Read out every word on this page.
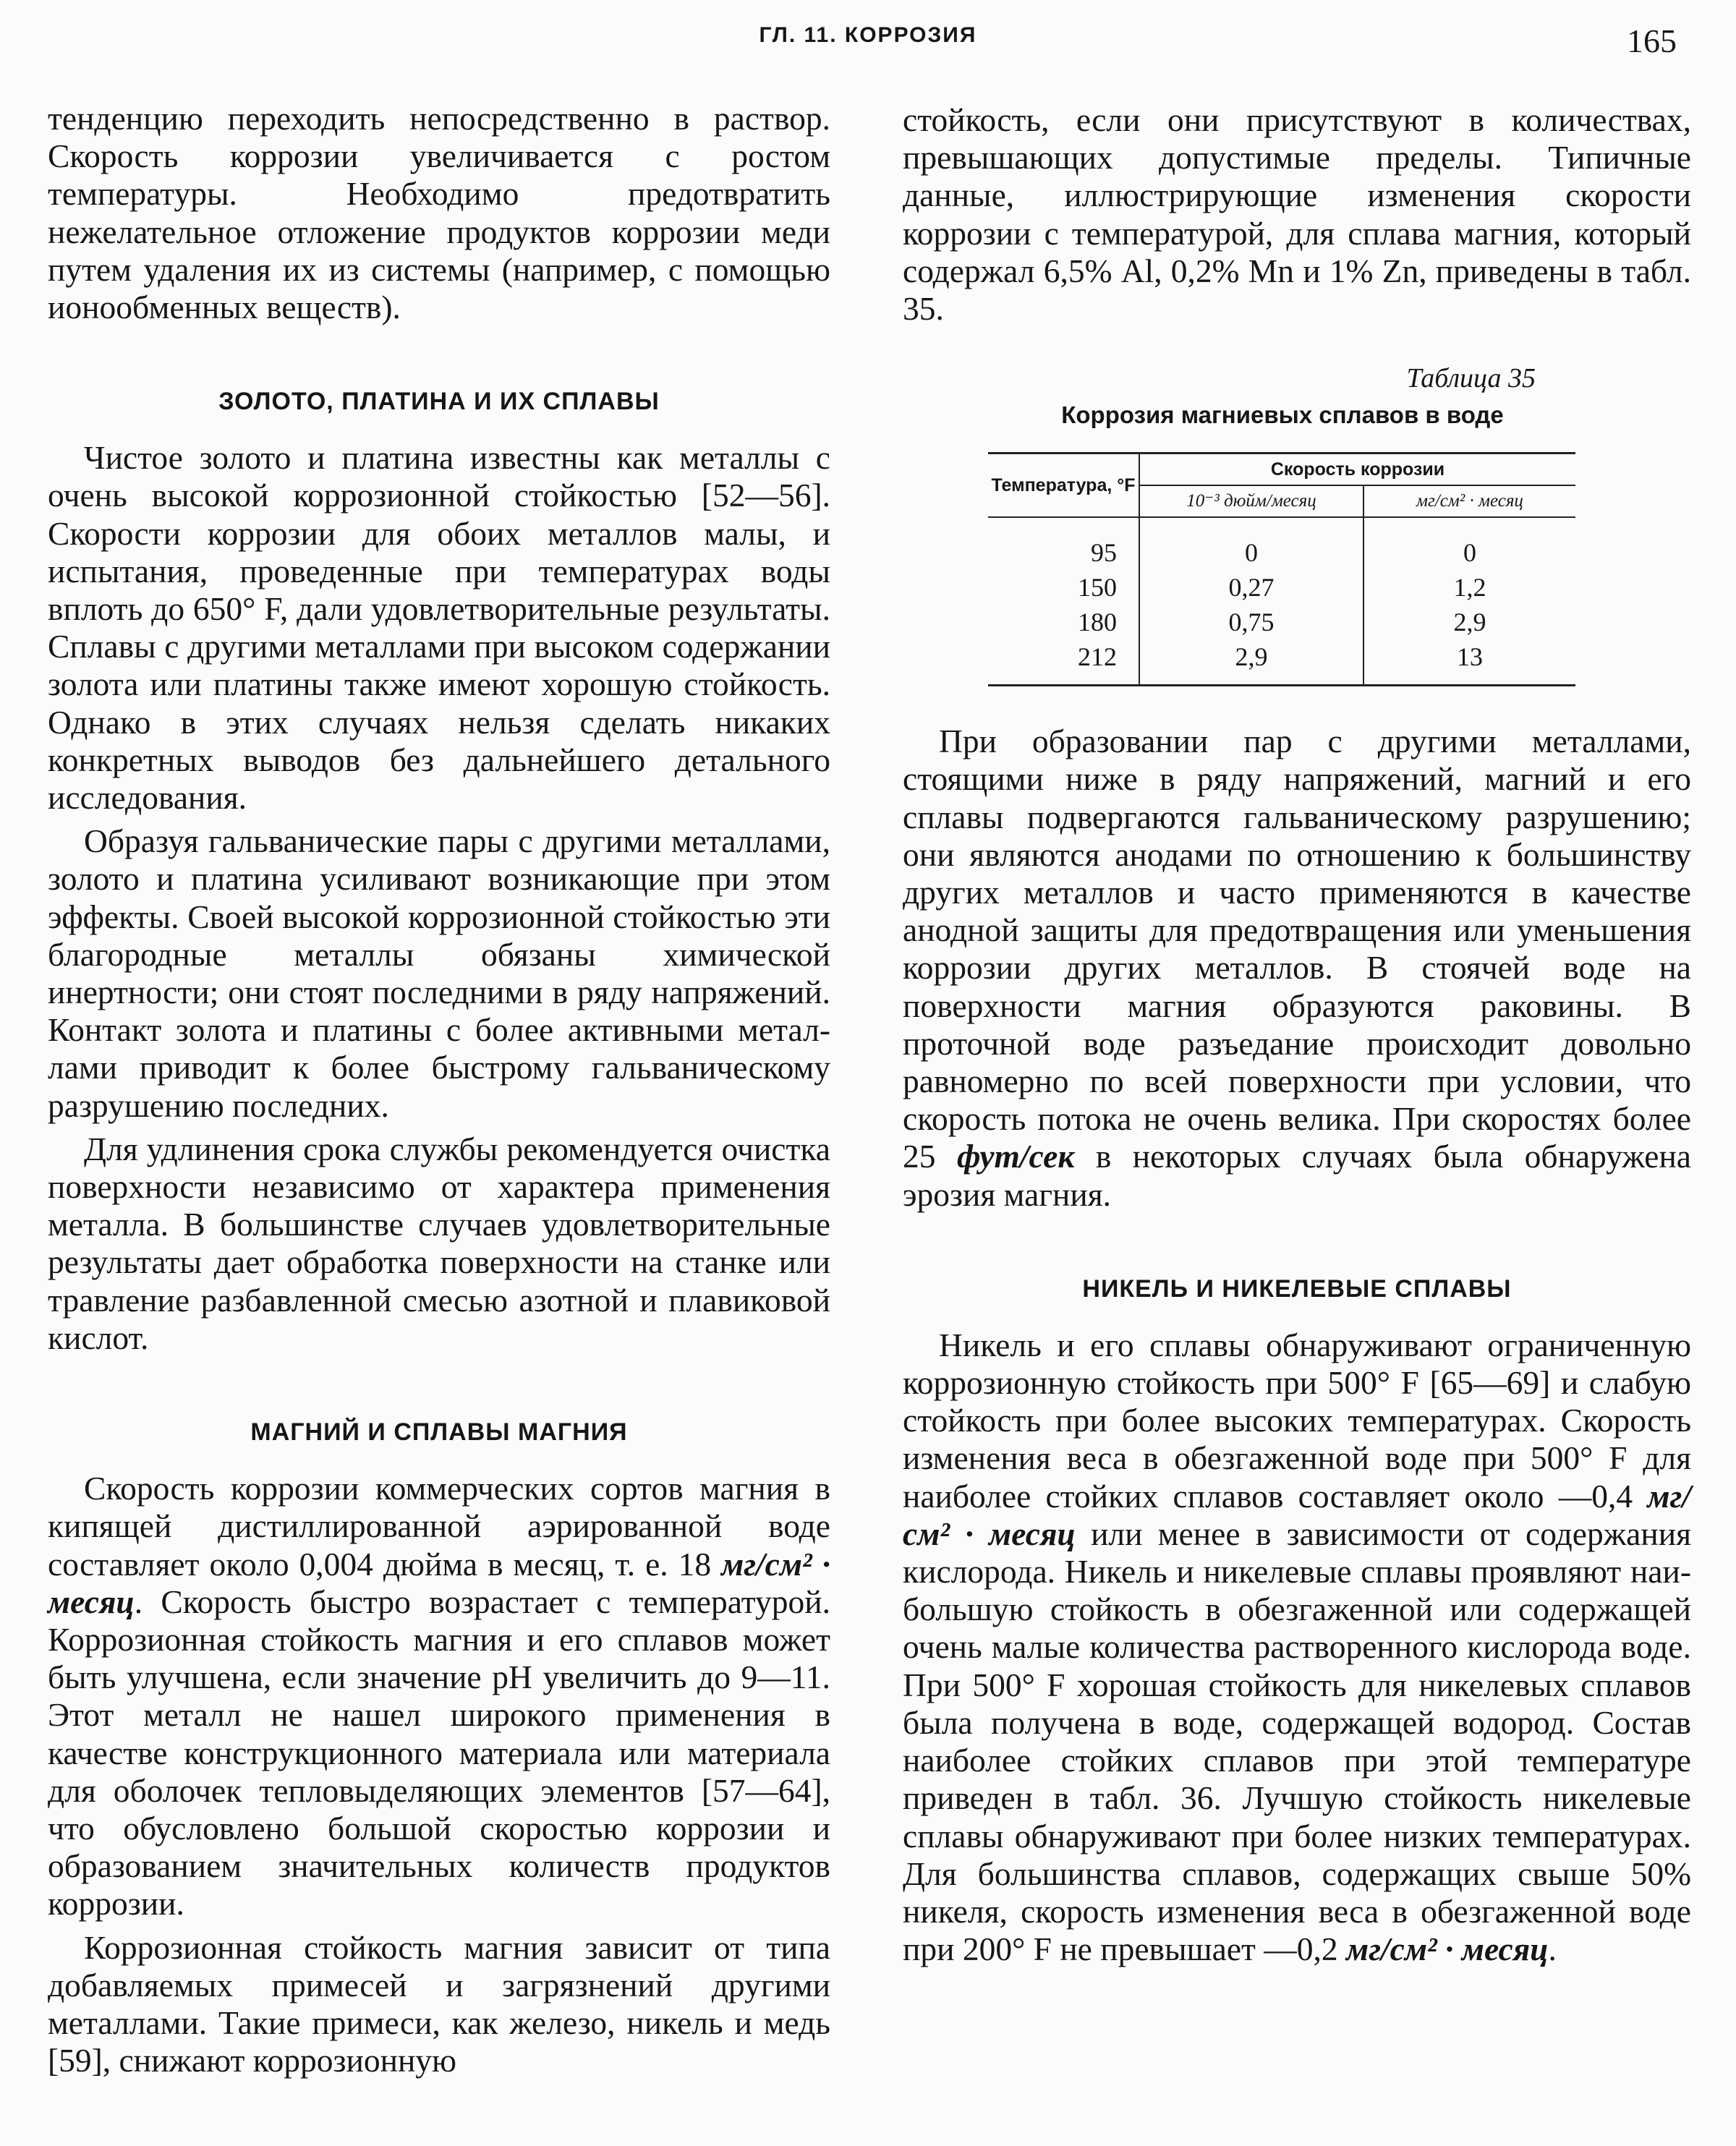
ГЛ. 11. КОРРОЗИЯ	165

тенденцию переходить непосредственно в раствор. Скорость коррозии увеличивается с ростом температуры. Необходимо предотвратить нежелательное отложение продуктов коррозии меди путем удаления их из системы (например, с помощью ионообменных веществ).

ЗОЛОТО, ПЛАТИНА И ИХ СПЛАВЫ

Чистое золото и платина известны как металлы с очень высокой коррозионной стойкостью [52—56]. Скорости коррозии для обоих металлов малы, и испытания, проведенные при температурах воды вплоть до 650° F, дали удовлетворительные результаты. Сплавы с другими металлами при высоком содержании золота или платины также имеют хорошую стойкость. Однако в этих случаях нельзя сделать никаких конкретных выводов без дальнейшего детального исследования.

Образуя гальванические пары с другими металлами, золото и платина усиливают возникающие при этом эффекты. Своей высокой коррозионной стойкостью эти благородные металлы обязаны химической инертности; они стоят последними в ряду напряжений. Контакт золота и платины с более активными металлами приводит к более быстрому гальваническому разрушению последних.

Для удлинения срока службы рекомендуется очистка поверхности независимо от характера применения металла. В большинстве случаев удовлетворительные результаты дает обработка поверхности на станке или травление разбавленной смесью азотной и плавиковой кислот.

МАГНИЙ И СПЛАВЫ МАГНИЯ

Скорость коррозии коммерческих сортов магния в кипящей дистиллированной аэрированной воде составляет около 0,004 дюйма в месяц, т. е. 18 мг/см² · месяц. Скорость быстро возрастает с температурой. Коррозионная стойкость магния и его сплавов может быть улучшена, если значение pH увеличить до 9—11. Этот металл не нашел широкого применения в качестве конструкционного материала или материала для оболочек тепловыделяющих элементов [57—64], что обусловлено большой скоростью коррозии и образованием значительных количеств продуктов коррозии.

Коррозионная стойкость магния зависит от типа добавляемых примесей и загрязнений другими металлами. Такие примеси, как железо, никель и медь [59], снижают коррозионную

стойкость, если они присутствуют в количествах, превышающих допустимые пределы. Типичные данные, иллюстрирующие изменения скорости коррозии с температурой, для сплава магния, который содержал 6,5% Al, 0,2% Mn и 1% Zn, приведены в табл. 35.

Таблица 35
Коррозия магниевых сплавов в воде
Температура, °F	Скорость коррозии	
	10⁻³ дюйм/месяц	мг/см² · месяц
95	0	0
150	0,27	1,2
180	0,75	2,9
212	2,9	13

При образовании пар с другими металлами, стоящими ниже в ряду напряжений, магний и его сплавы подвергаются гальваническому разрушению; они являются анодами по отношению к большинству других металлов и часто применяются в качестве анодной защиты для предотвращения или уменьшения коррозии других металлов. В стоячей воде на поверхности магния образуются раковины. В проточной воде разъедание происходит довольно равномерно по всей поверхности при условии, что скорость потока не очень велика. При скоростях более 25 фут/сек в некоторых случаях была обнаружена эрозия магния.

НИКЕЛЬ И НИКЕЛЕВЫЕ СПЛАВЫ

Никель и его сплавы обнаруживают ограниченную коррозионную стойкость при 500° F [65—69] и слабую стойкость при более высоких температурах. Скорость изменения веса в обезгаженной воде при 500° F для наиболее стойких сплавов составляет около —0,4 мг/см² · месяц или менее в зависимости от содержания кислорода. Никель и никелевые сплавы проявляют наибольшую стойкость в обезгаженной или содержащей очень малые количества растворенного кислорода воде. При 500° F хорошая стойкость для никелевых сплавов была получена в воде, содержащей водород. Состав наиболее стойких сплавов при этой температуре приведен в табл. 36. Лучшую стойкость никелевые сплавы обнаруживают при более низких температурах. Для большинства сплавов, содержащих свыше 50% никеля, скорость изменения веса в обезгаженной воде при 200° F не превышает —0,2 мг/см² · месяц.
